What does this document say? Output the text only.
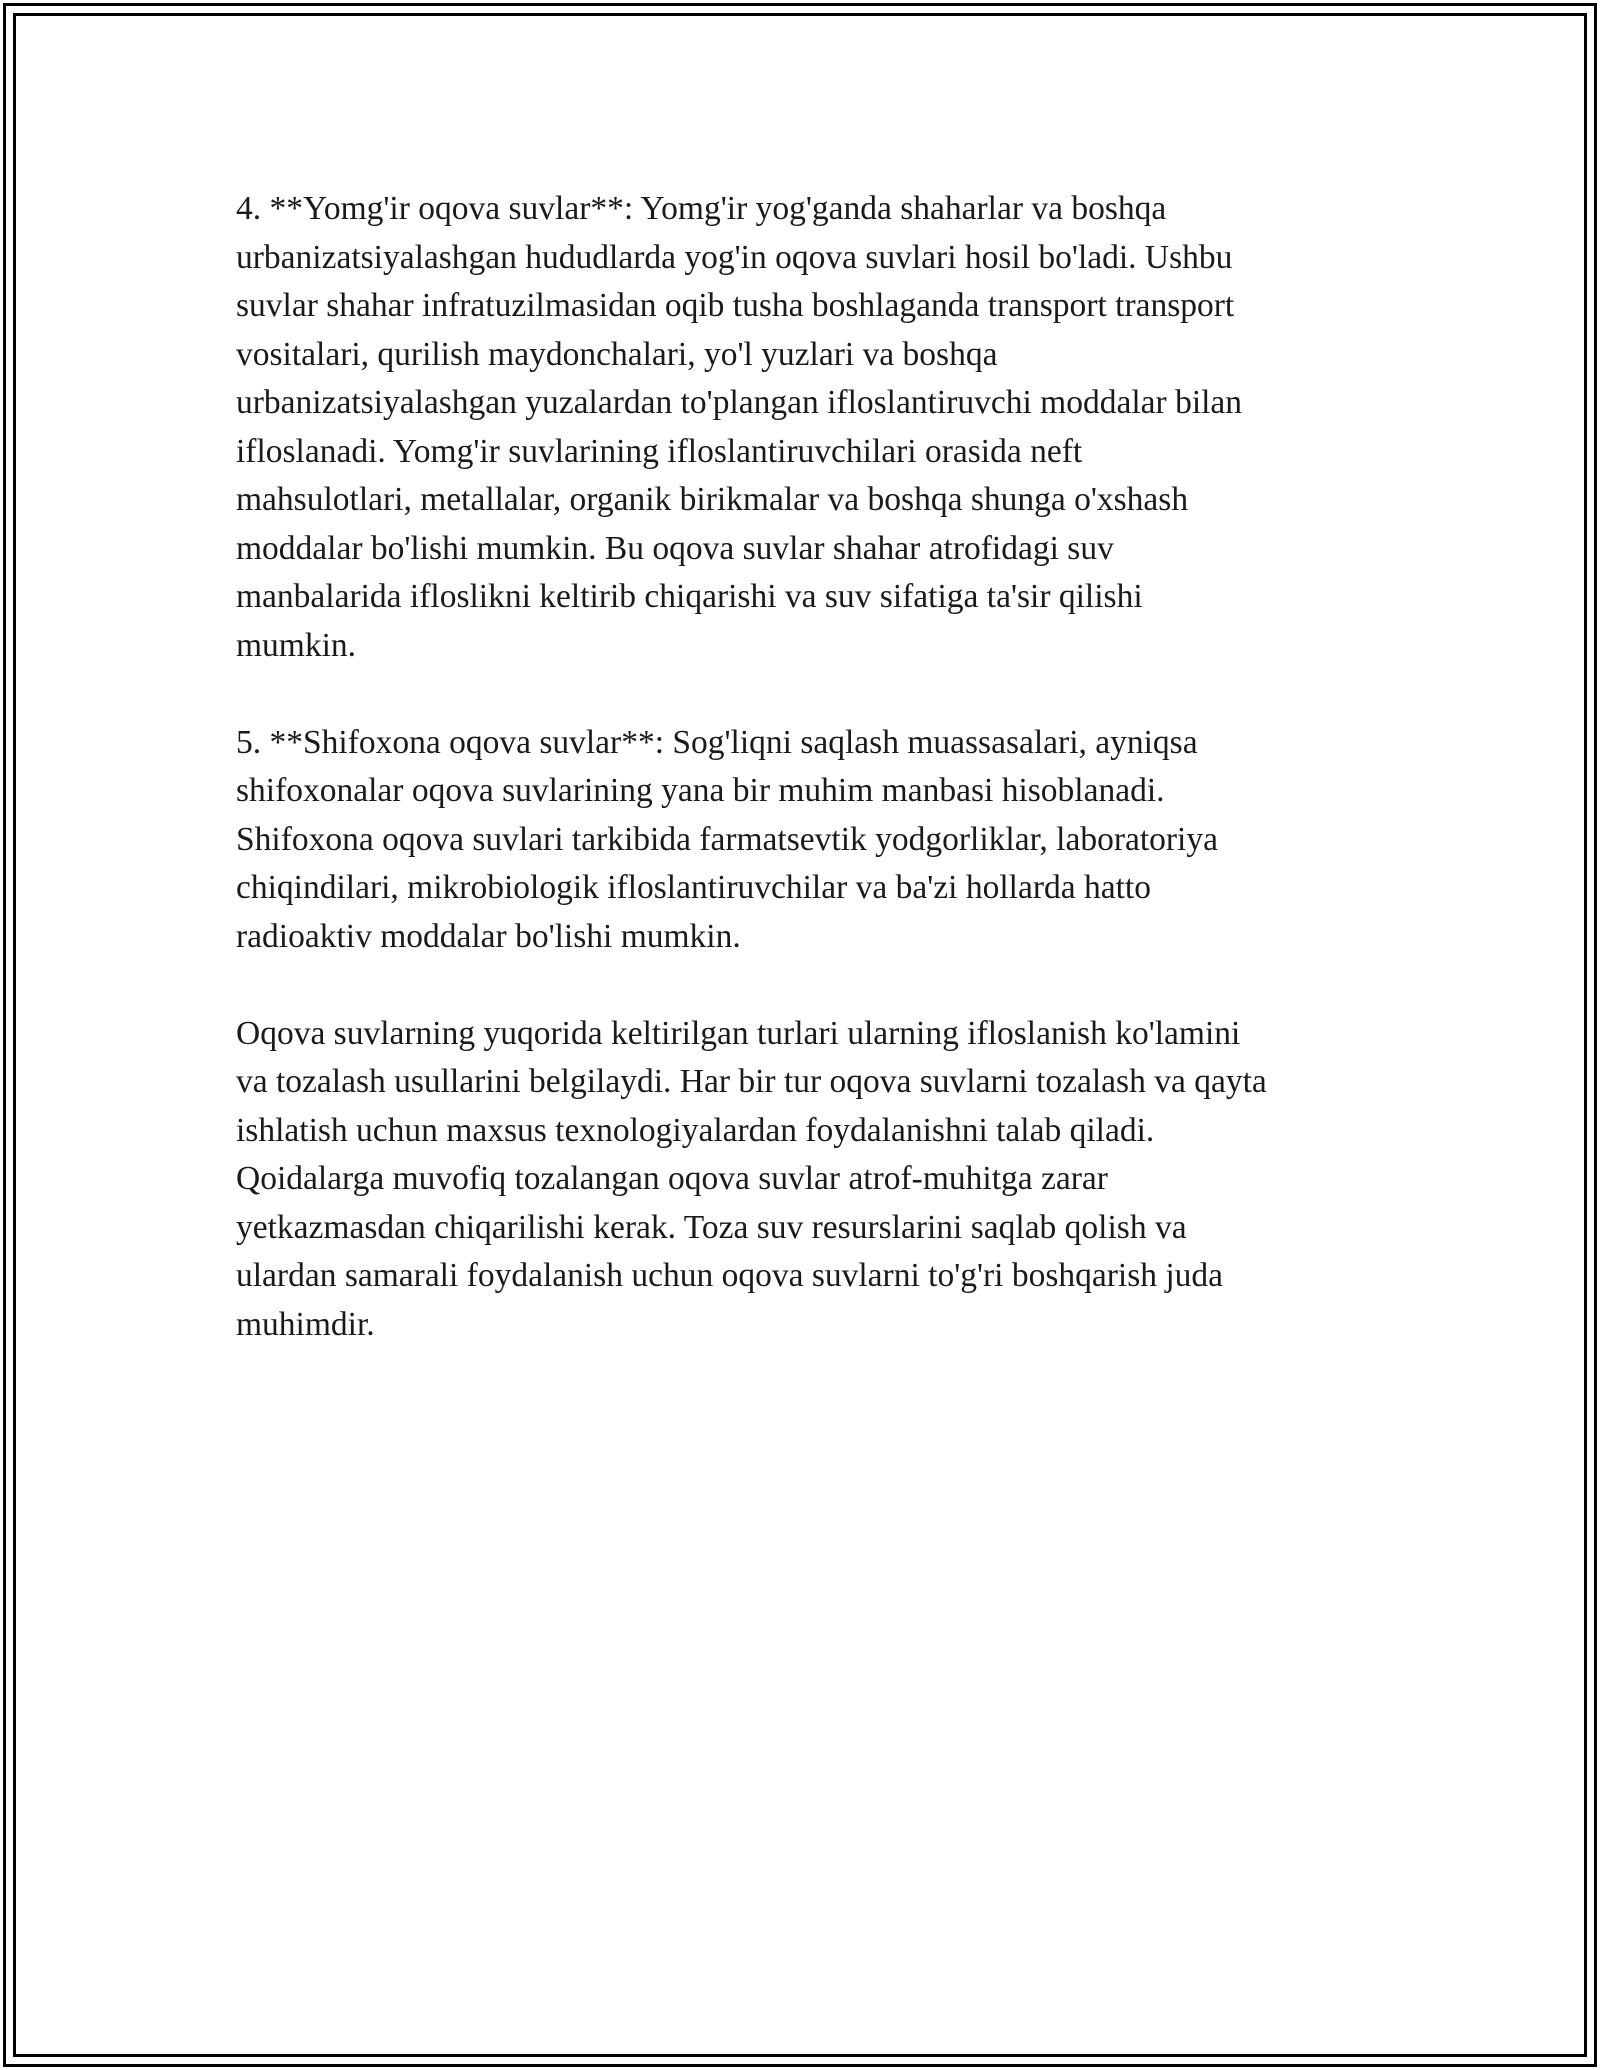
4. **Yomg'ir oqova suvlar**: Yomg'ir yog'ganda shaharlar va boshqa
urbanizatsiyalashgan hududlarda yog'in oqova suvlari hosil bo'ladi. Ushbu
suvlar shahar infratuzilmasidan oqib tusha boshlaganda transport transport
vositalari, qurilish maydonchalari, yo'l yuzlari va boshqa
urbanizatsiyalashgan yuzalardan to'plangan ifloslantiruvchi moddalar bilan
ifloslanadi. Yomg'ir suvlarining ifloslantiruvchilari orasida neft
mahsulotlari, metallalar, organik birikmalar va boshqa shunga o'xshash
moddalar bo'lishi mumkin. Bu oqova suvlar shahar atrofidagi suv
manbalarida ifloslikni keltirib chiqarishi va suv sifatiga ta'sir qilishi
mumkin.

5. **Shifoxona oqova suvlar**: Sog'liqni saqlash muassasalari, ayniqsa
shifoxonalar oqova suvlarining yana bir muhim manbasi hisoblanadi.
Shifoxona oqova suvlari tarkibida farmatsevtik yodgorliklar, laboratoriya
chiqindilari, mikrobiologik ifloslantiruvchilar va ba'zi hollarda hatto
radioaktiv moddalar bo'lishi mumkin.

Oqova suvlarning yuqorida keltirilgan turlari ularning ifloslanish ko'lamini
va tozalash usullarini belgilaydi. Har bir tur oqova suvlarni tozalash va qayta
ishlatish uchun maxsus texnologiyalardan foydalanishni talab qiladi.
Qoidalarga muvofiq tozalangan oqova suvlar atrof-muhitga zarar
yetkazmasdan chiqarilishi kerak. Toza suv resurslarini saqlab qolish va
ulardan samarali foydalanish uchun oqova suvlarni to'g'ri boshqarish juda
muhimdir.
